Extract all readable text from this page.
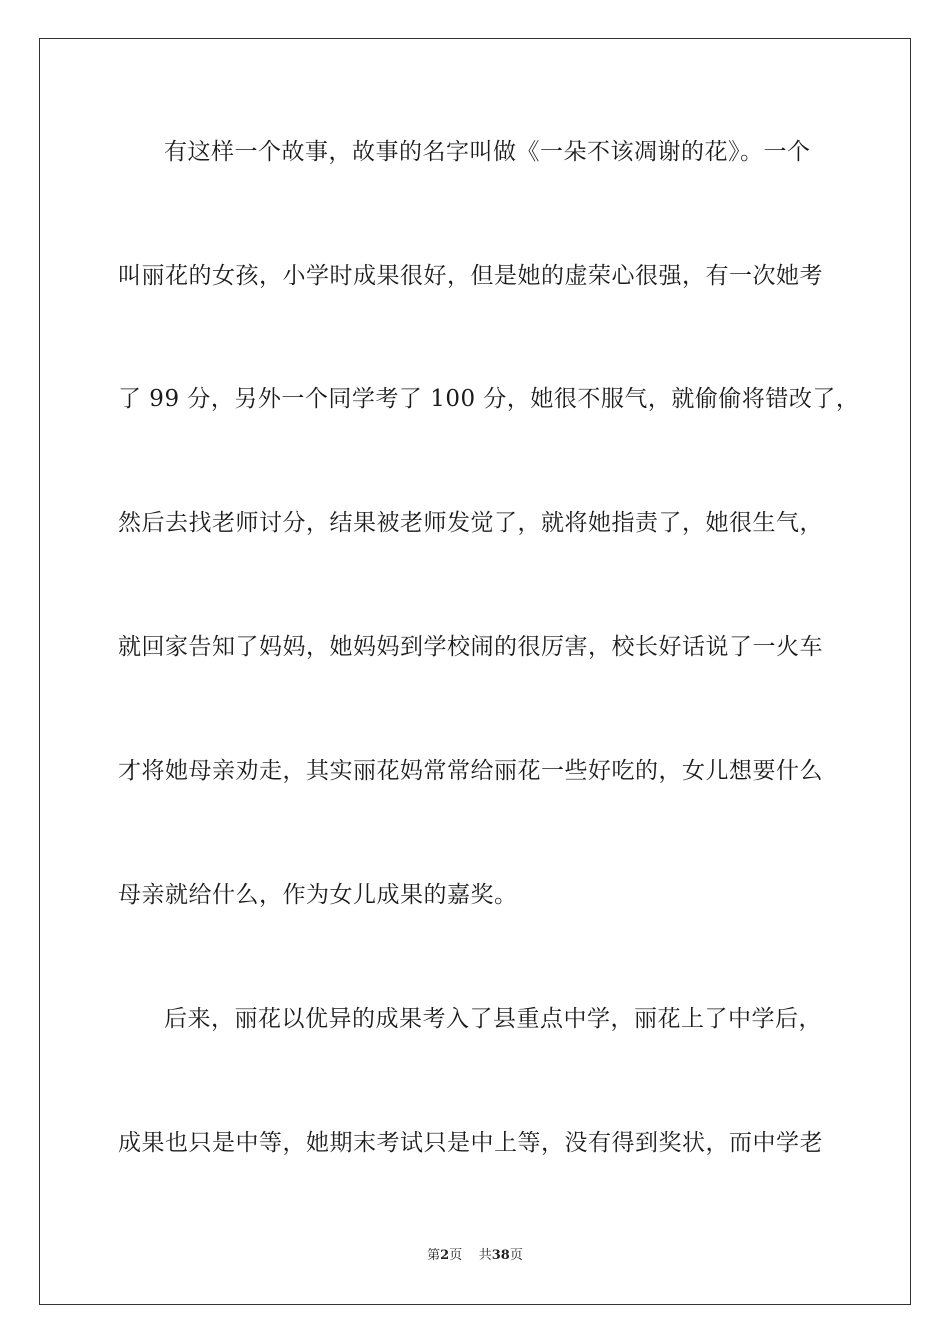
有这样一个故事，故事的名字叫做《一朵不该凋谢的花》。一个
叫丽花的女孩，小学时成果很好，但是她的虚荣心很强，有一次她考
了 99 分，另外一个同学考了 100 分，她很不服气，就偷偷将错改了，
然后去找老师讨分，结果被老师发觉了，就将她指责了，她很生气，
就回家告知了妈妈，她妈妈到学校闹的很厉害，校长好话说了一火车
才将她母亲劝走，其实丽花妈常常给丽花一些好吃的，女儿想要什么
母亲就给什么，作为女儿成果的嘉奖。
后来，丽花以优异的成果考入了县重点中学，丽花上了中学后，
成果也只是中等，她期末考试只是中上等，没有得到奖状，而中学老
第2页 共38页
